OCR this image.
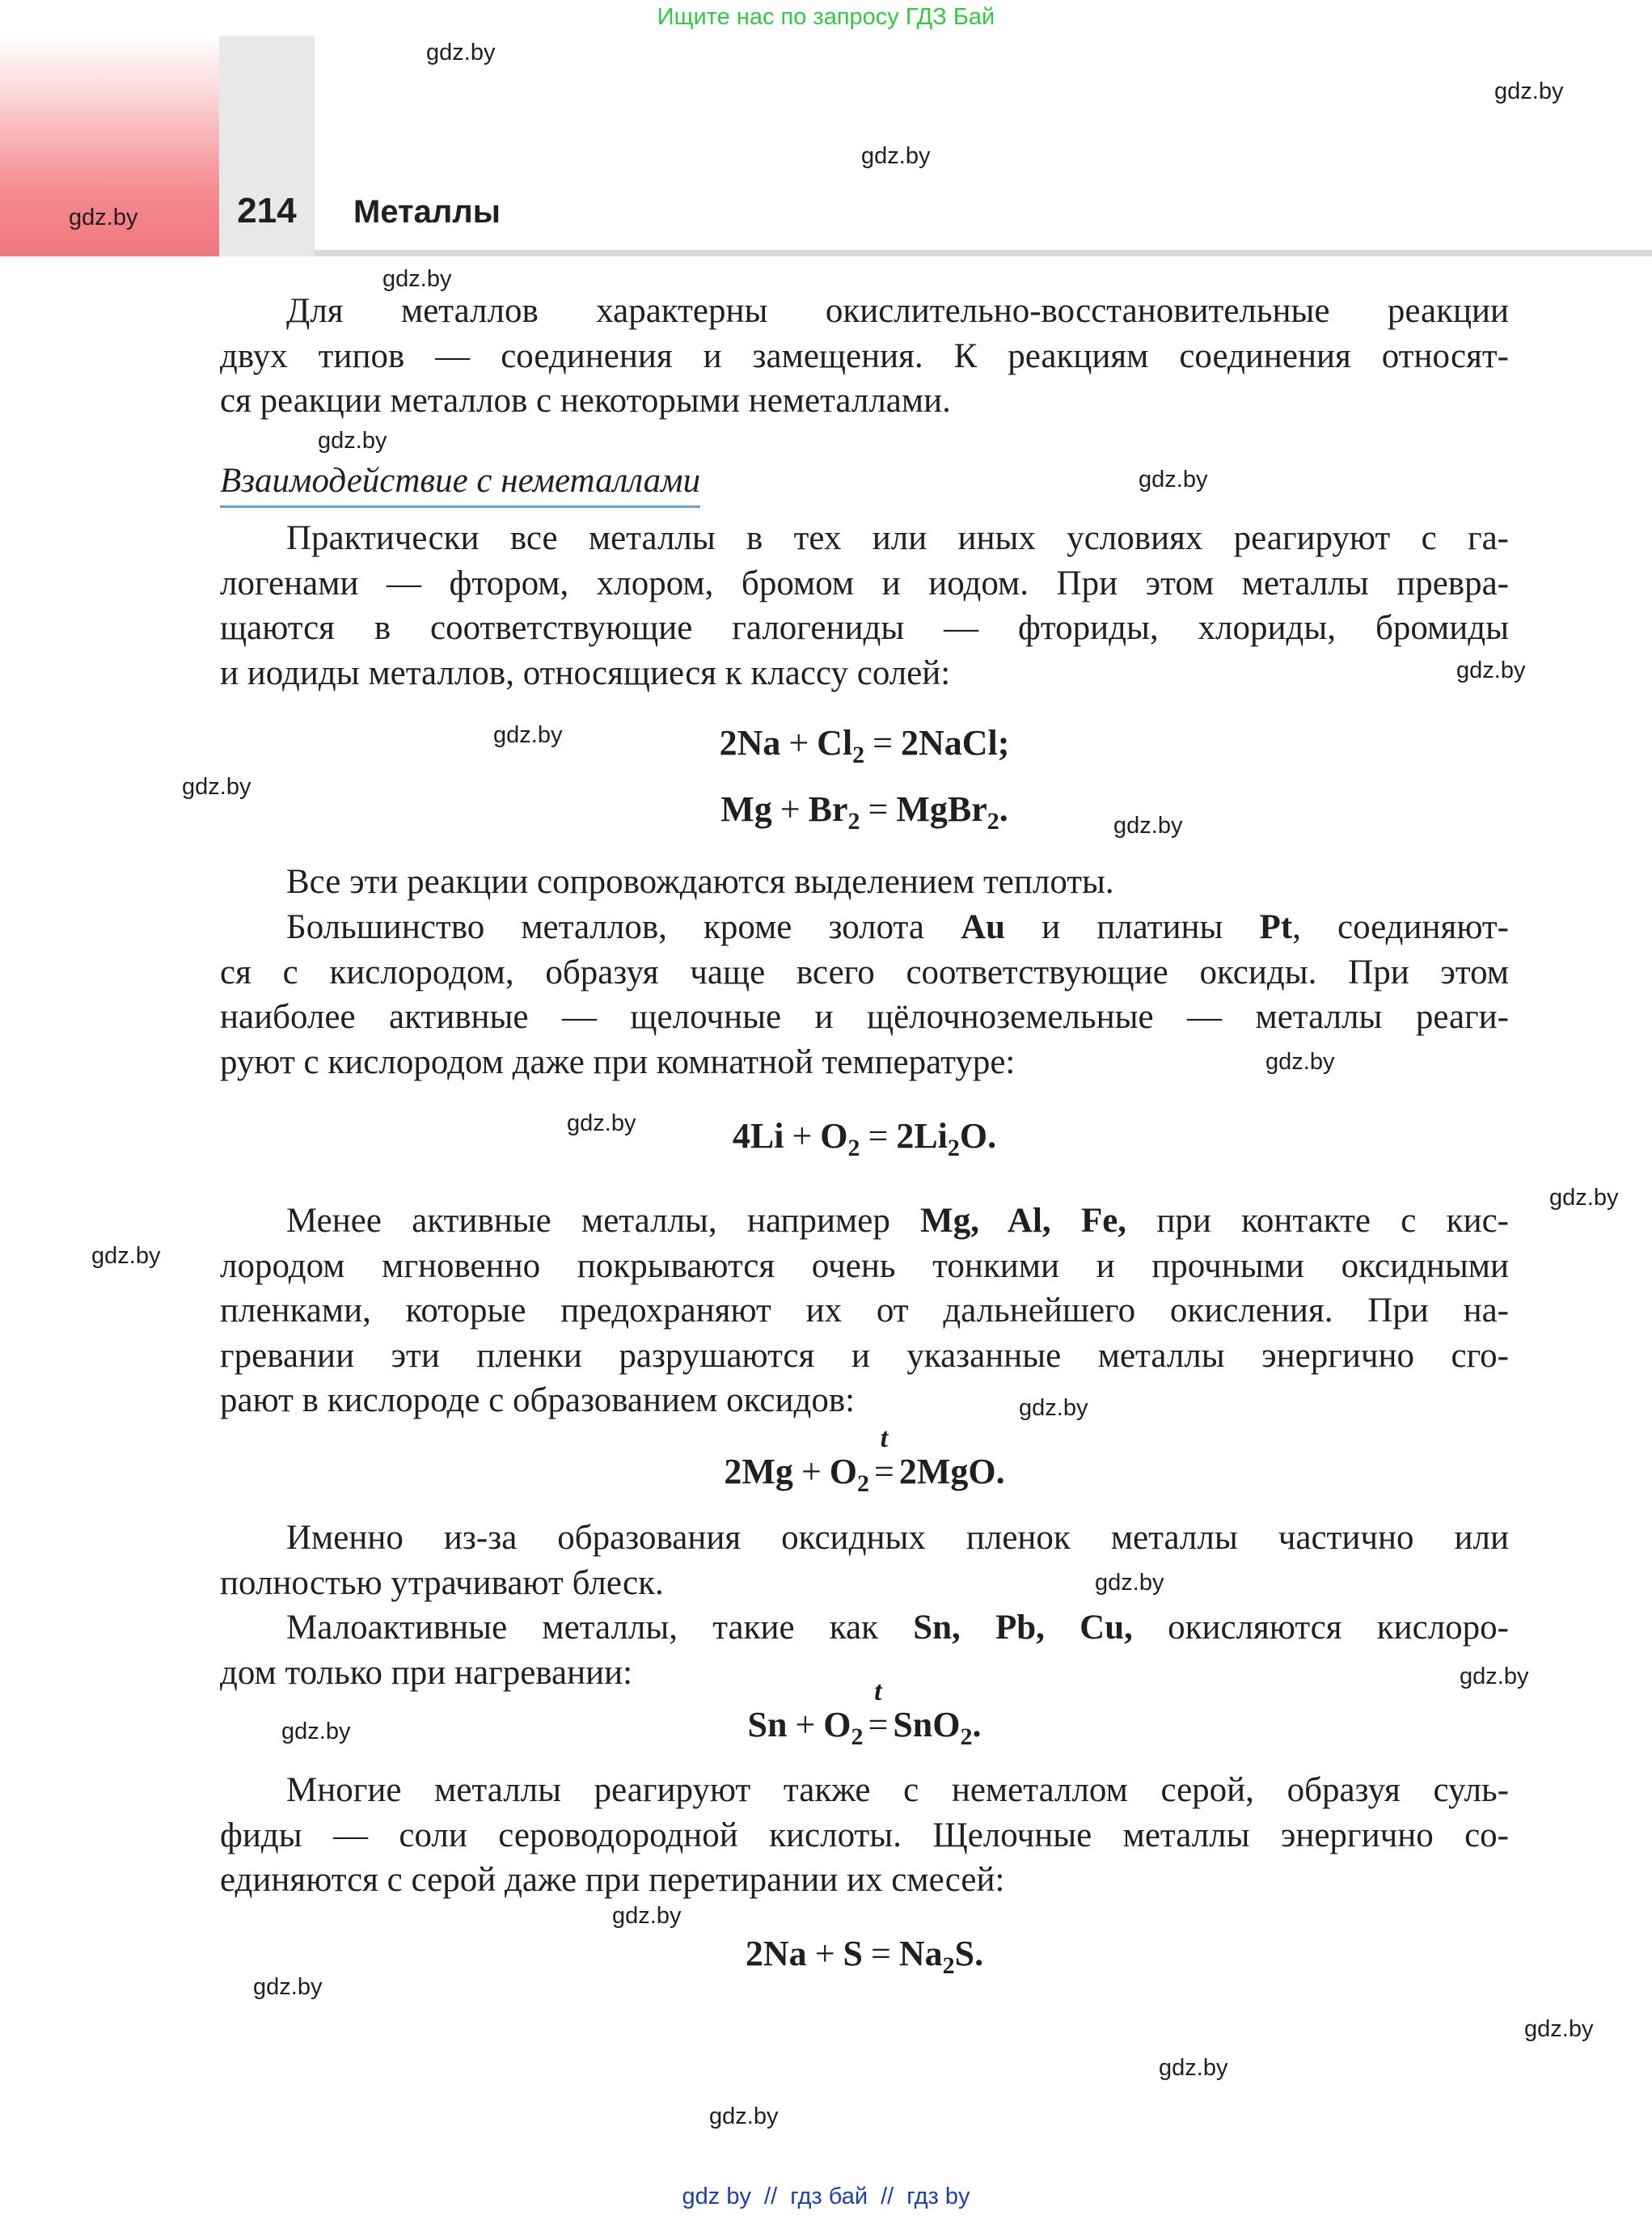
Ищите нас по запросу ГДЗ Бай
214	Металлы
gdz.by
gdz.by
gdz.by
gdz.by
gdz.by
gdz.by
gdz.by
gdz.by
gdz.by
gdz.by
gdz.by
gdz.by
gdz.by
gdz.by
gdz.by
gdz.by
gdz.by
gdz.by
gdz.by
gdz.by
gdz.by
gdz.by
gdz.by
gdz.by
Для металлов характерны окислительно-восстановительные реакции
двух типов — соединения и замещения. К реакциям соединения относят-
ся реакции металлов с некоторыми неметаллами.
Взаимодействие с неметаллами
Практически все металлы в тех или иных условиях реагируют с га-
логенами — фтором, хлором, бромом и иодом. При этом металлы превра-
щаются в соответствующие галогениды — фториды, хлориды, бромиды
и иодиды металлов, относящиеся к классу солей:
$2Na + Cl_2$ = 2NaCl;
$Mg + Br_2$ = MgBr$_2$.
Все эти реакции сопровождаются выделением теплоты.
Большинство металлов, кроме золота Au и платины Pt, соединяют-
ся с кислородом, образуя чаще всего соответствующие оксиды. При этом
наиболее активные — щелочные и щёлочноземельные — металлы реаги-
руют с кислородом даже при комнатной температуре:
$4Li + O_2 = 2Li_2O$.
Менее активные металлы, например Mg, Al, Fe, при контакте с кис-
лородом мгновенно покрываются очень тонкими и прочными оксидными
пленками, которые предохраняют их от дальнейшего окисления. При на-
гревании эти пленки разрушаются и указанные металлы энергично сго-
рают в кислороде с образованием оксидов:
$2Mg + O_2$
t
= 2MgO.
Именно из-за образования оксидных пленок металлы частично или
полностью утрачивают блеск.
Малоактивные металлы, такие как Sn, Pb, Cu, окисляются кислоро-
дом только при нагревании:
$Sn + O_2$
t
= SnO$_2$.
Многие металлы реагируют также с неметаллом серой, образуя суль-
фиды — соли сероводородной кислоты. Щелочные металлы энергично со-
единяются с серой даже при перетирании их смесей:
$2Na + S = Na_2S$.
gdz by // гдз бай // гдз by
